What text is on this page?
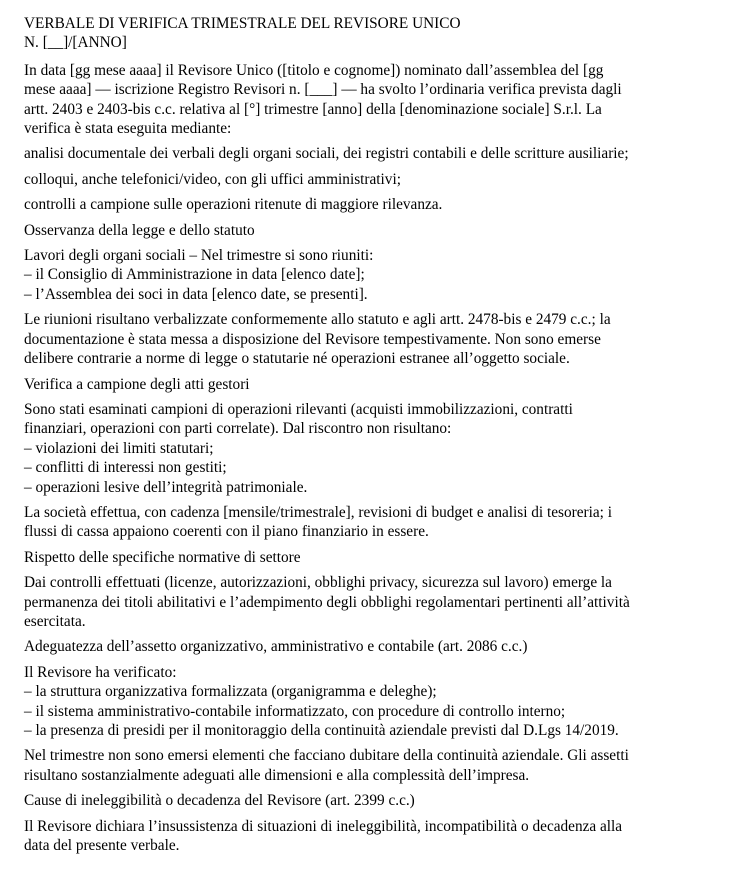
VERBALE DI VERIFICA TRIMESTRALE DEL REVISORE UNICO
N. [__]/[ANNO]
In data [gg mese aaaa] il Revisore Unico ([titolo e cognome]) nominato dall’assemblea del [gg
mese aaaa] — iscrizione Registro Revisori n. [___] — ha svolto l’ordinaria verifica prevista dagli
artt. 2403 e 2403-bis c.c. relativa al [°] trimestre [anno] della [denominazione sociale] S.r.l. La
verifica è stata eseguita mediante:
analisi documentale dei verbali degli organi sociali, dei registri contabili e delle scritture ausiliarie;
colloqui, anche telefonici/video, con gli uffici amministrativi;
controlli a campione sulle operazioni ritenute di maggiore rilevanza.
Osservanza della legge e dello statuto
Lavori degli organi sociali – Nel trimestre si sono riuniti:
– il Consiglio di Amministrazione in data [elenco date];
– l’Assemblea dei soci in data [elenco date, se presenti].
Le riunioni risultano verbalizzate conformemente allo statuto e agli artt. 2478-bis e 2479 c.c.; la
documentazione è stata messa a disposizione del Revisore tempestivamente. Non sono emerse
delibere contrarie a norme di legge o statutarie né operazioni estranee all’oggetto sociale.
Verifica a campione degli atti gestori
Sono stati esaminati campioni di operazioni rilevanti (acquisti immobilizzazioni, contratti
finanziari, operazioni con parti correlate). Dal riscontro non risultano:
– violazioni dei limiti statutari;
– conflitti di interessi non gestiti;
– operazioni lesive dell’integrità patrimoniale.
La società effettua, con cadenza [mensile/trimestrale], revisioni di budget e analisi di tesoreria; i
flussi di cassa appaiono coerenti con il piano finanziario in essere.
Rispetto delle specifiche normative di settore
Dai controlli effettuati (licenze, autorizzazioni, obblighi privacy, sicurezza sul lavoro) emerge la
permanenza dei titoli abilitativi e l’adempimento degli obblighi regolamentari pertinenti all’attività
esercitata.
Adeguatezza dell’assetto organizzativo, amministrativo e contabile (art. 2086 c.c.)
Il Revisore ha verificato:
– la struttura organizzativa formalizzata (organigramma e deleghe);
– il sistema amministrativo-contabile informatizzato, con procedure di controllo interno;
– la presenza di presidi per il monitoraggio della continuità aziendale previsti dal D.Lgs 14/2019.
Nel trimestre non sono emersi elementi che facciano dubitare della continuità aziendale. Gli assetti
risultano sostanzialmente adeguati alle dimensioni e alla complessità dell’impresa.
Cause di ineleggibilità o decadenza del Revisore (art. 2399 c.c.)
Il Revisore dichiara l’insussistenza di situazioni di ineleggibilità, incompatibilità o decadenza alla
data del presente verbale.
